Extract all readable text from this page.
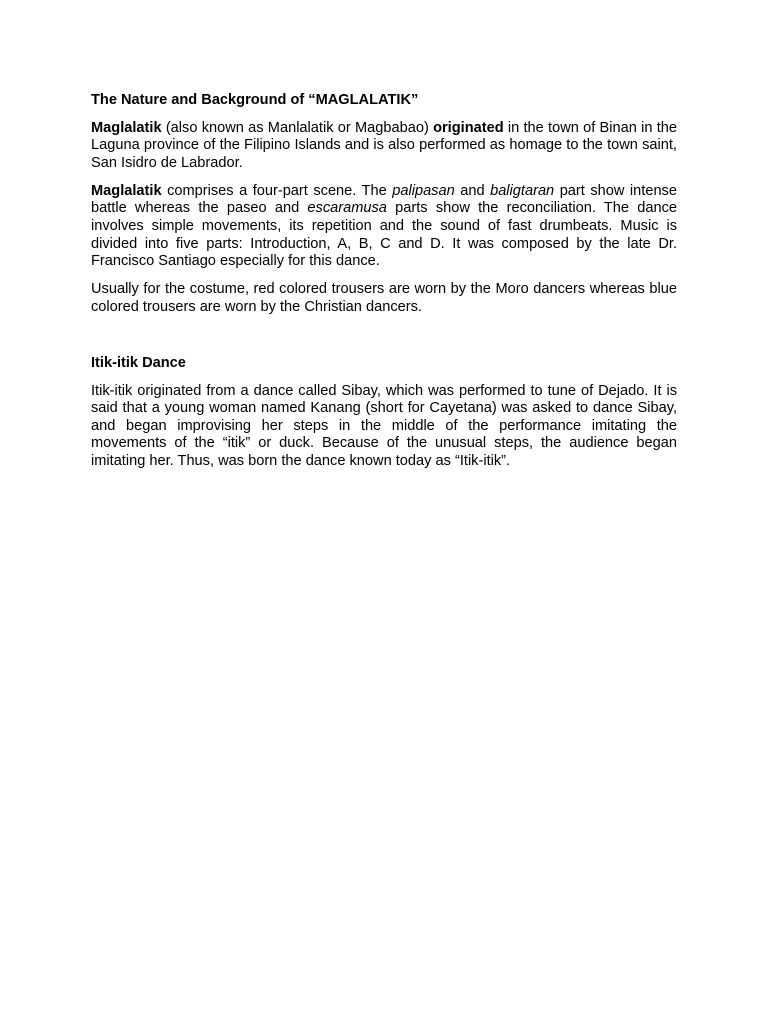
The Nature and Background of “MAGLALATIK”

Maglalatik (also known as Manlalatik or Magbabao) originated in the town of Binan in the Laguna province of the Filipino Islands and is also performed as homage to the town saint, San Isidro de Labrador.

Maglalatik comprises a four-part scene. The palipasan and baligtaran part show intense battle whereas the paseo and escaramusa parts show the reconciliation. The dance involves simple movements, its repetition and the sound of fast drumbeats. Music is divided into five parts: Introduction, A, B, C and D. It was composed by the late Dr. Francisco Santiago especially for this dance.

Usually for the costume, red colored trousers are worn by the Moro dancers whereas blue colored trousers are worn by the Christian dancers.

Itik-itik Dance

Itik-itik originated from a dance called Sibay, which was performed to tune of Dejado. It is said that a young woman named Kanang (short for Cayetana) was asked to dance Sibay, and began improvising her steps in the middle of the performance imitating the movements of the “itik” or duck. Because of the unusual steps, the audience began imitating her. Thus, was born the dance known today as “Itik-itik”.
